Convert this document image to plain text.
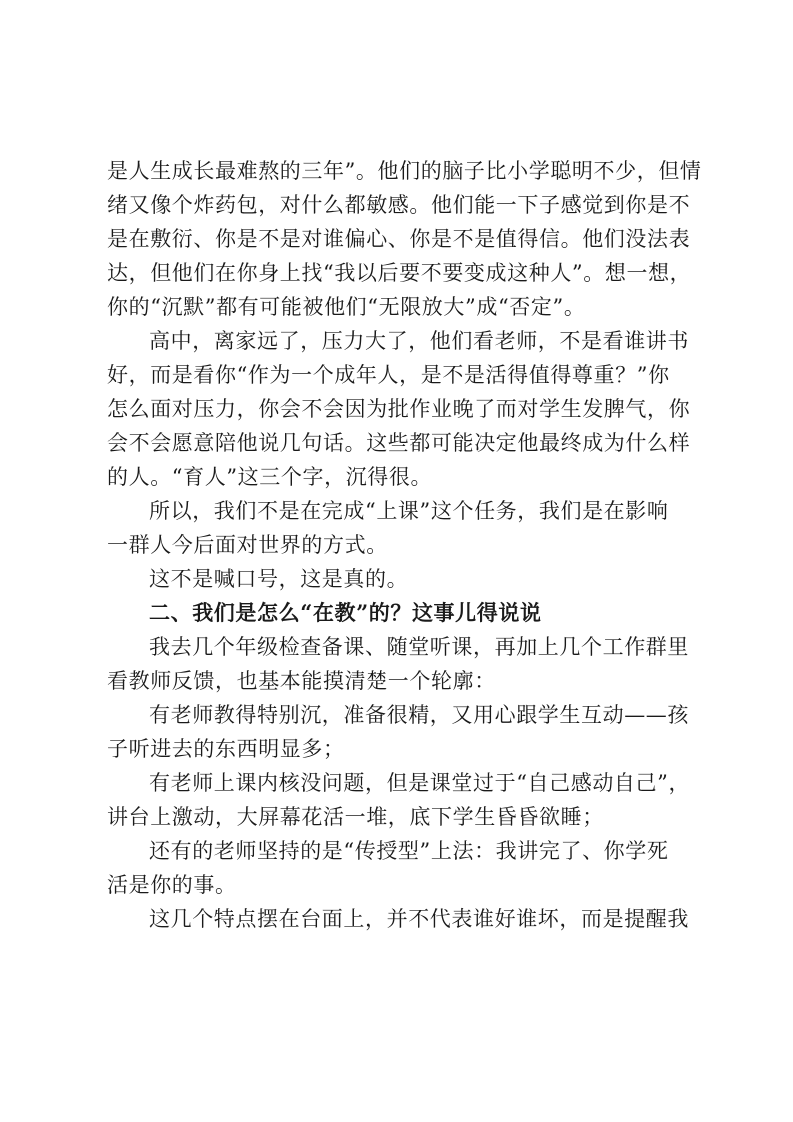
是人生成长最难熬的三年”。他们的脑子比小学聪明不少，但情
绪又像个炸药包，对什么都敏感。他们能一下子感觉到你是不
是在敷衍、你是不是对谁偏心、你是不是值得信。他们没法表
达，但他们在你身上找“我以后要不要变成这种人”。想一想，
你的“沉默”都有可能被他们“无限放大”成“否定”。
高中，离家远了，压力大了，他们看老师，不是看谁讲书
好，而是看你“作为一个成年人，是不是活得值得尊重？”你
怎么面对压力，你会不会因为批作业晚了而对学生发脾气，你
会不会愿意陪他说几句话。这些都可能决定他最终成为什么样
的人。“育人”这三个字，沉得很。
所以，我们不是在完成“上课”这个任务，我们是在影响
一群人今后面对世界的方式。
这不是喊口号，这是真的。
二、我们是怎么“在教”的？这事儿得说说
我去几个年级检查备课、随堂听课，再加上几个工作群里
看教师反馈，也基本能摸清楚一个轮廓：
有老师教得特别沉，准备很精，又用心跟学生互动——孩
子听进去的东西明显多；
有老师上课内核没问题，但是课堂过于“自己感动自己”，
讲台上激动，大屏幕花活一堆，底下学生昏昏欲睡；
还有的老师坚持的是“传授型”上法：我讲完了、你学死
活是你的事。
这几个特点摆在台面上，并不代表谁好谁坏，而是提醒我
